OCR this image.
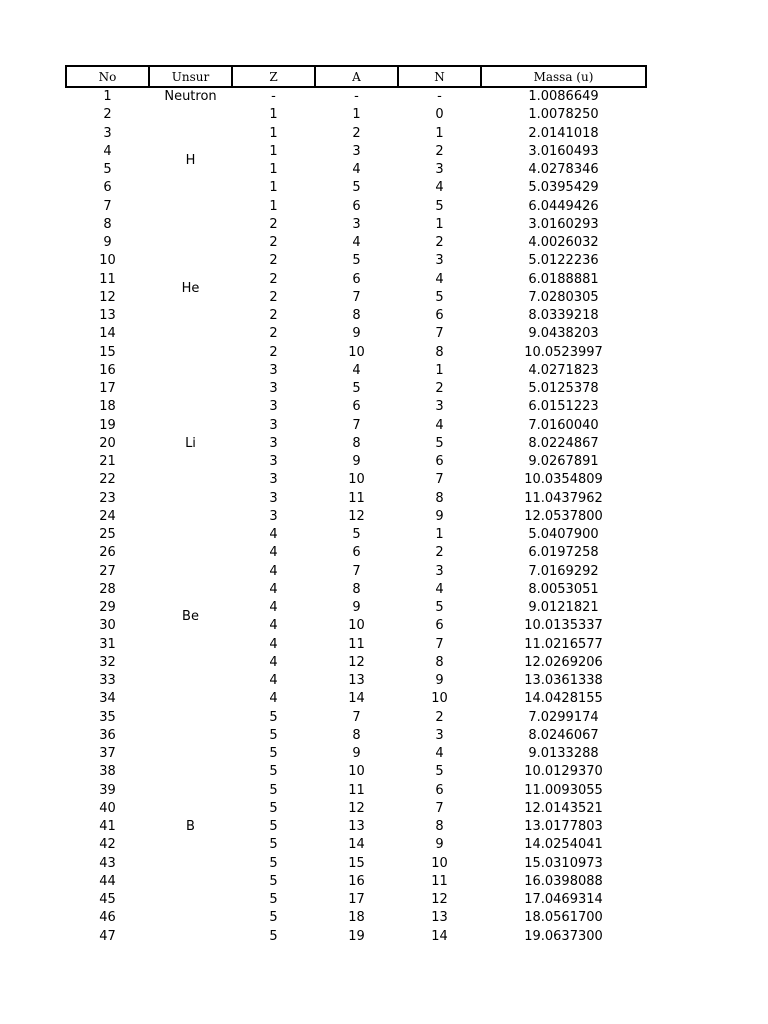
No	Unsur	Z	A	N	Massa (u)
1	Neutron	-	-	-	1.0086649
2	H	1	1	0	1.0078250
3		1	2	1	2.0141018
4		1	3	2	3.0160493
5		1	4	3	4.0278346
6		1	5	4	5.0395429
7		1	6	5	6.0449426
8	He	2	3	1	3.0160293
9		2	4	2	4.0026032
10		2	5	3	5.0122236
11		2	6	4	6.0188881
12		2	7	5	7.0280305
13		2	8	6	8.0339218
14		2	9	7	9.0438203
15		2	10	8	10.0523997
16	Li	3	4	1	4.0271823
17		3	5	2	5.0125378
18		3	6	3	6.0151223
19		3	7	4	7.0160040
20		3	8	5	8.0224867
21		3	9	6	9.0267891
22		3	10	7	10.0354809
23		3	11	8	11.0437962
24		3	12	9	12.0537800
25	Be	4	5	1	5.0407900
26		4	6	2	6.0197258
27		4	7	3	7.0169292
28		4	8	4	8.0053051
29		4	9	5	9.0121821
30		4	10	6	10.0135337
31		4	11	7	11.0216577
32		4	12	8	12.0269206
33		4	13	9	13.0361338
34		4	14	10	14.0428155
35	B	5	7	2	7.0299174
36		5	8	3	8.0246067
37		5	9	4	9.0133288
38		5	10	5	10.0129370
39		5	11	6	11.0093055
40		5	12	7	12.0143521
41		5	13	8	13.0177803
42		5	14	9	14.0254041
43		5	15	10	15.0310973
44		5	16	11	16.0398088
45		5	17	12	17.0469314
46		5	18	13	18.0561700
47		5	19	14	19.0637300
